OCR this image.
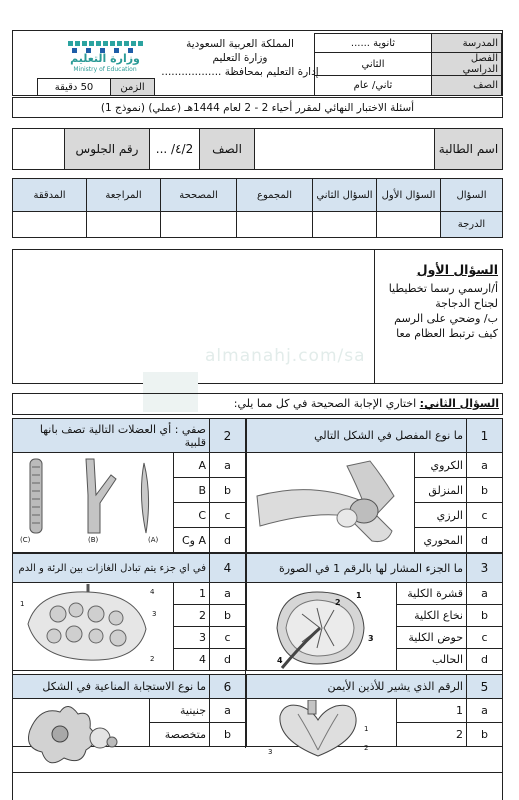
المدرسة	ثانوية ......
الفصل الدراسي	الثاني
الصف	ثاني/ عام
المملكة العربية السعودية
وزارة التعليم
إدارة التعليم بمحافظة ..................
وزارة التعليم
Ministry of Education
الزمن	50 دقيقة
أسئلة الاختبار النهائي لمقرر أحياء 2 - 2 لعام 1444هـ (عملي) (نموذج 1)
اسم الطالبة		الصف	2/٤/ ...	رقم الجلوس	
السؤال	السؤال الأول	السؤال الثاني	المجموع	المصححة	المراجعة	المدققة
الدرجة						
السؤال الأول
أ/ارسمي رسما تخطيطيا
لجناح الدجاجة
ب/ وضحي على الرسم
كيف ترتبط العظام معا
almanahj.com/sa
السؤال الثاني: اختاري الإجابة الصحيحة في كل مما يلي:
1	ما نوع المفصل في الشكل التالي	
a	الكروي	
b	المنزلق	
c	الرزي	
d	المحوري	
2	صفي : أي العضلات التالية تصف بانها قلبية	
a	A	
b	B	
c	C	
d	A وC	
(C)	(B)	(A)
3	ما الجزء المشار لها بالرقم 1 في الصورة	
a	قشرة الكلية	
b	نخاع الكلية	
c	حوض الكلية	
d	الحالب	
1
2
3
4
4	في اي جزء يتم تبادل الغازات بين الرئة و الدم	
a	1	
b	2	
c	3	
d	4	
1
2
3
4
5	الرقم الذي يشير للأذين الأيمن	
a	1	
b	2	
1
2
3
6	ما نوع الاستجابة المناعية في الشكل	
a	جنينية	
b	متخصصة	
